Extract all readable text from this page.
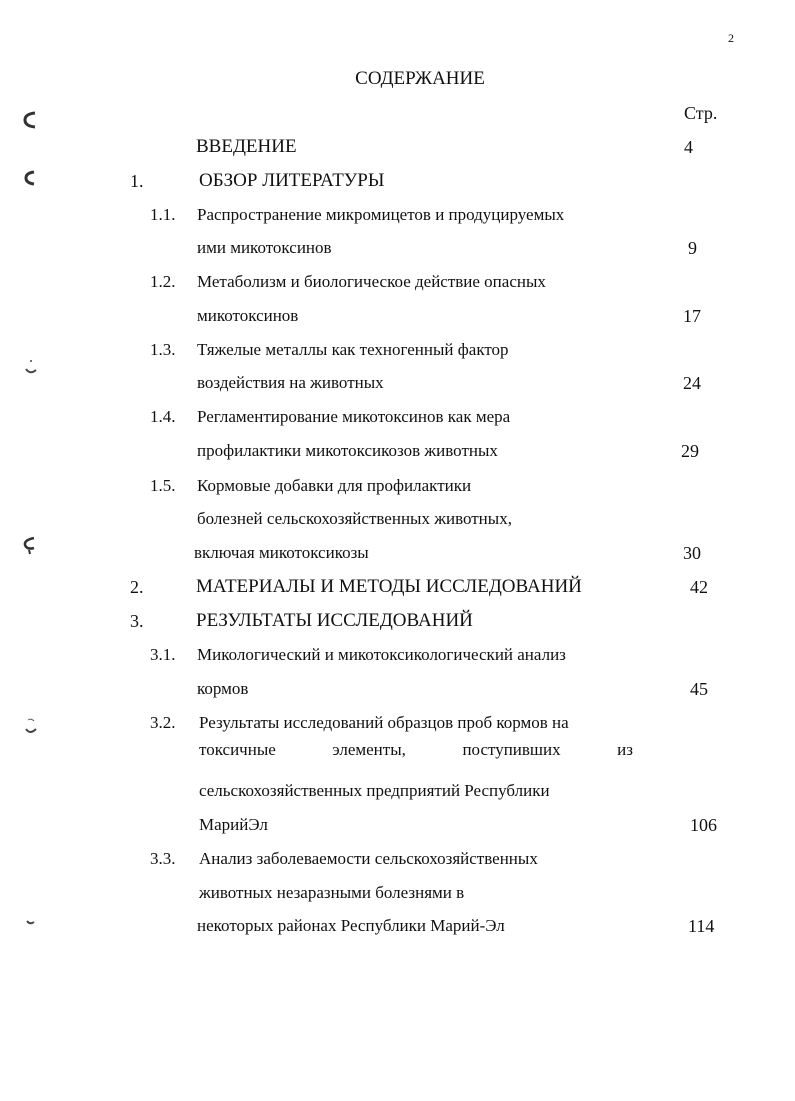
2
СОДЕРЖАНИЕ
Стр.
ВВЕДЕНИЕ	4
1.	ОБЗОР ЛИТЕРАТУРЫ
1.1. Распространение микромицетов и продуцируемых
ими микотоксинов	9
1.2. Метаболизм и биологическое действие опасных
микотоксинов	17
1.3. Тяжелые металлы как техногенный фактор
воздействия на животных	24
1.4. Регламентирование микотоксинов как мера
профилактики микотоксикозов животных	29
1.5. Кормовые добавки для профилактики
болезней сельскохозяйственных животных,
включая микотоксикозы	30
2.	МАТЕРИАЛЫ И МЕТОДЫ ИССЛЕДОВАНИЙ	42
3.	РЕЗУЛЬТАТЫ ИССЛЕДОВАНИЙ
3.1. Микологический и микотоксикологический анализ
кормов	45
3.2. Результаты исследований образцов проб кормов на
токсичные	элементы,	поступивших	из
сельскохозяйственных предприятий Республики
МарийЭл	106
3.3. Анализ заболеваемости сельскохозяйственных
животных незаразными болезнями в
некоторых районах Республики Марий-Эл	114
